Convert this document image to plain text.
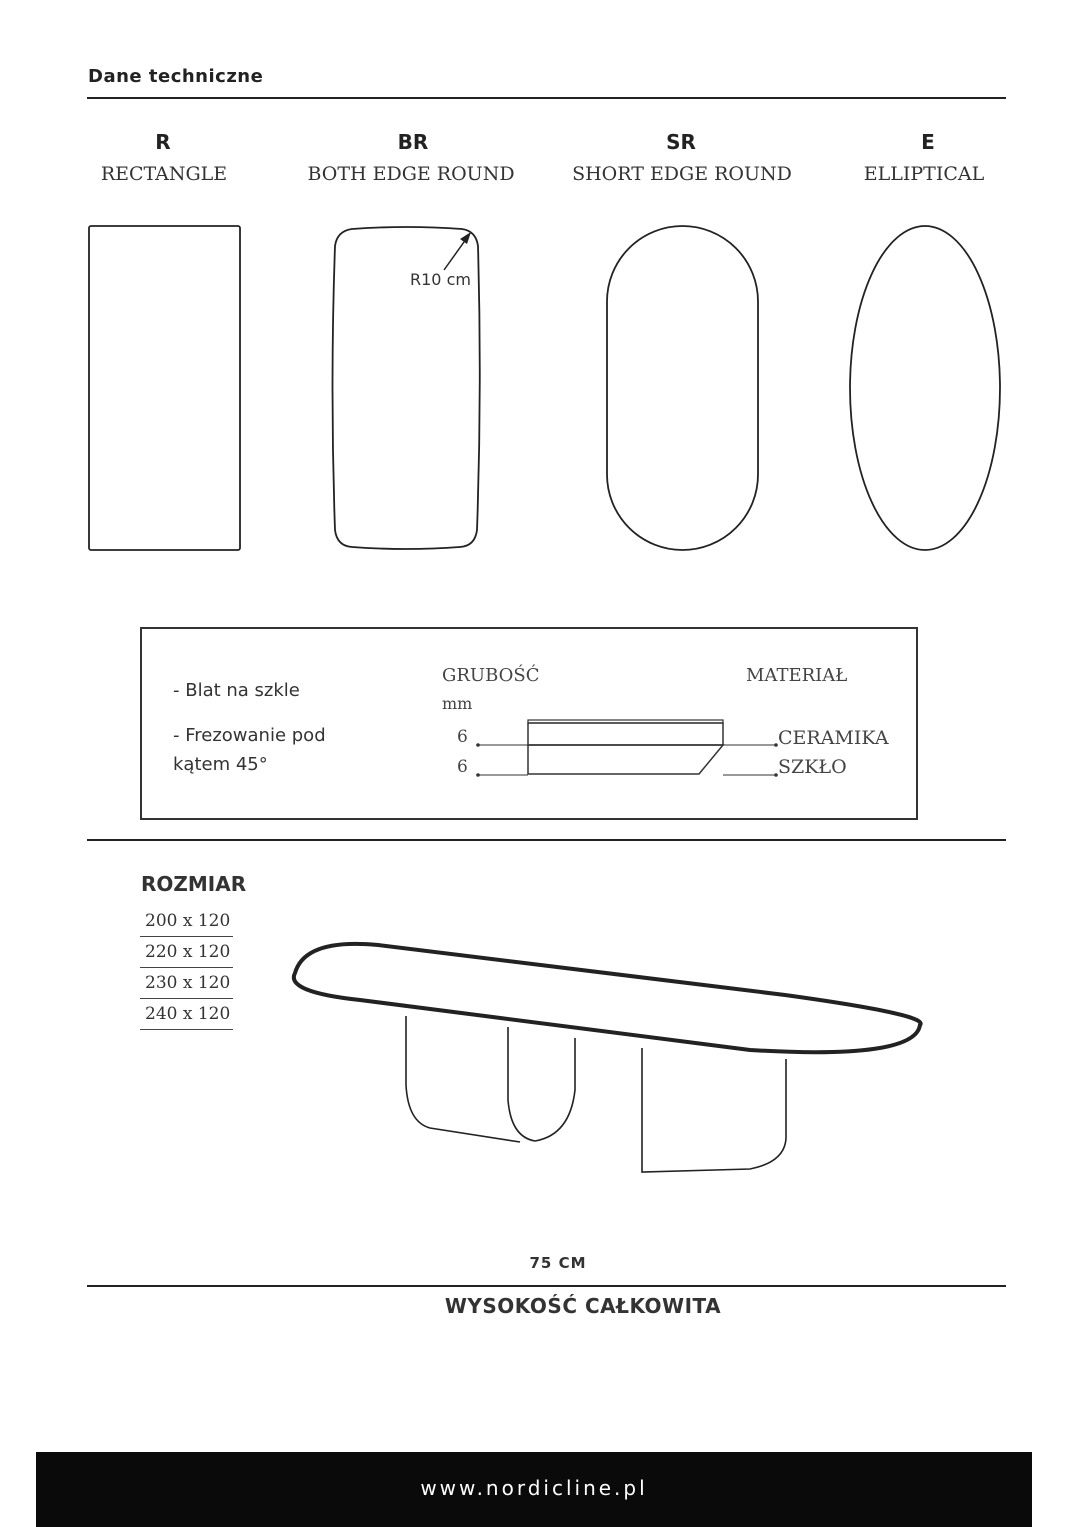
Dane techniczne
R
RECTANGLE
BR
BOTH EDGE ROUND
SR
SHORT EDGE ROUND
E
ELLIPTICAL
R10 cm
- Blat na szkle
- Frezowanie pod
kątem 45°
GRUBOŚĆ
mm
MATERIAŁ
6
6
CERAMIKA
SZKŁO
ROZMIAR
200 x 120
220 x 120
230 x 120
240 x 120
75 CM
WYSOKOŚĆ CAŁKOWITA
www.nordicline.pl
